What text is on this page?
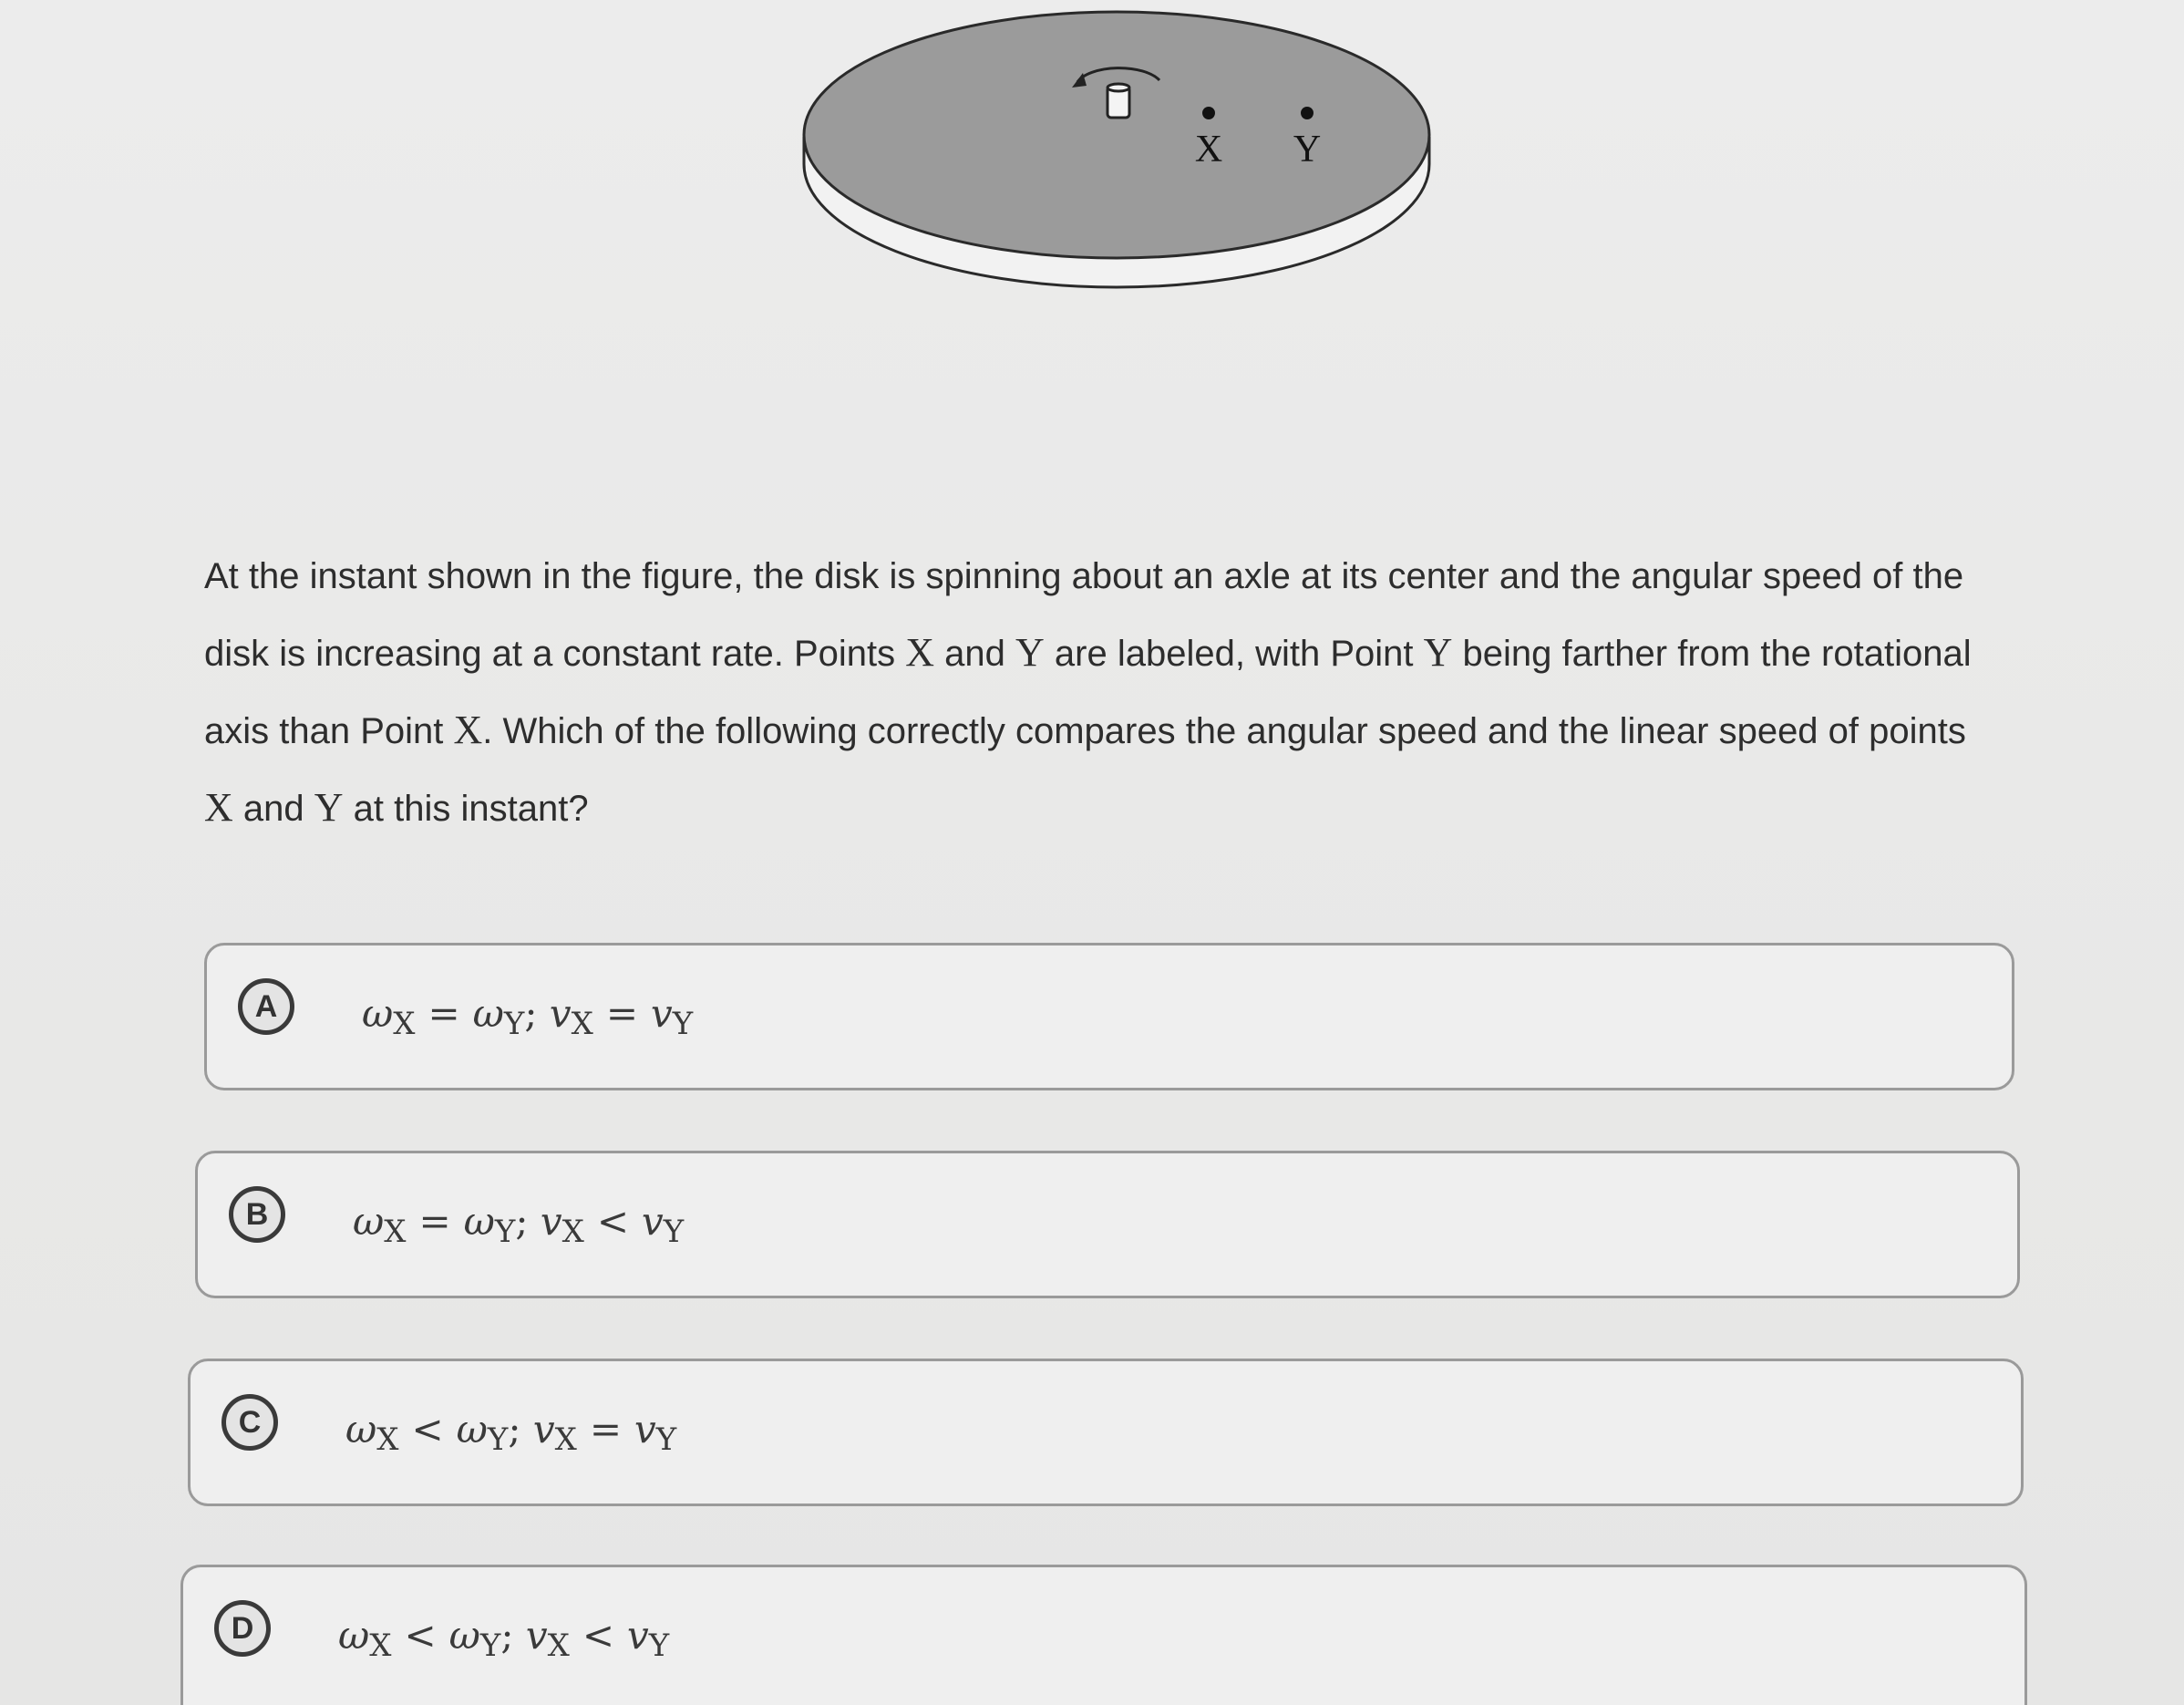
X Y
At the instant shown in the figure, the disk is spinning about an axle at its center and the angular speed of the disk is increasing at a constant rate. Points X and Y are labeled, with Point Y being farther from the rotational axis than Point X. Which of the following correctly compares the angular speed and the linear speed of points X and Y at this instant?
A	ωX = ωY; vX = vY
B	ωX = ωY; vX < vY
C	ωX < ωY; vX = vY
D	ωX < ωY; vX < vY
